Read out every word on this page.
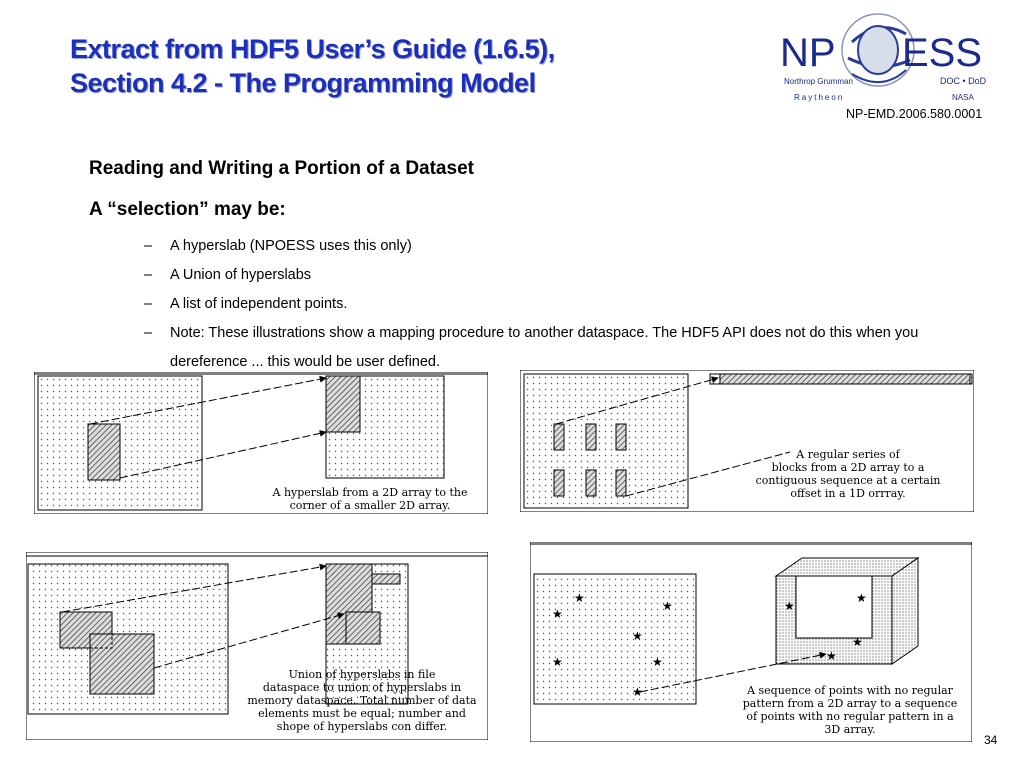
Extract from HDF5 User’s Guide (1.6.5),
Section 4.2 - The Programming Model
NP ESS
Northrop Grumman
Raytheon
DOC • DoD
NASA
NP-EMD.2006.580.0001
Reading and Writing a Portion of a Dataset
A “selection” may be:
– A hyperslab (NPOESS uses this only)
– A Union of hyperslabs
– A list of independent points.
– Note: These illustrations show a mapping procedure to another dataspace. The HDF5 API does not do this when you dereference ... this would be user defined.
A hyperslab from a 2D array to the
corner of a smaller 2D array.
A regular series of
blocks from a 2D array to a
contiguous sequence at a certain
offset in a 1D orrray.
Union of hyperslabs in file
dataspace to union of hyperslabs in
memory dataspace. Total number of data
elements must be equal; number and
shope of hyperslabs con differ.
★
★
★
★
★	★
★
★
★
★
★
A sequence of points with no regular
pattern from a 2D array to a sequence
of points with no regular pattern in a
3D array.
34
